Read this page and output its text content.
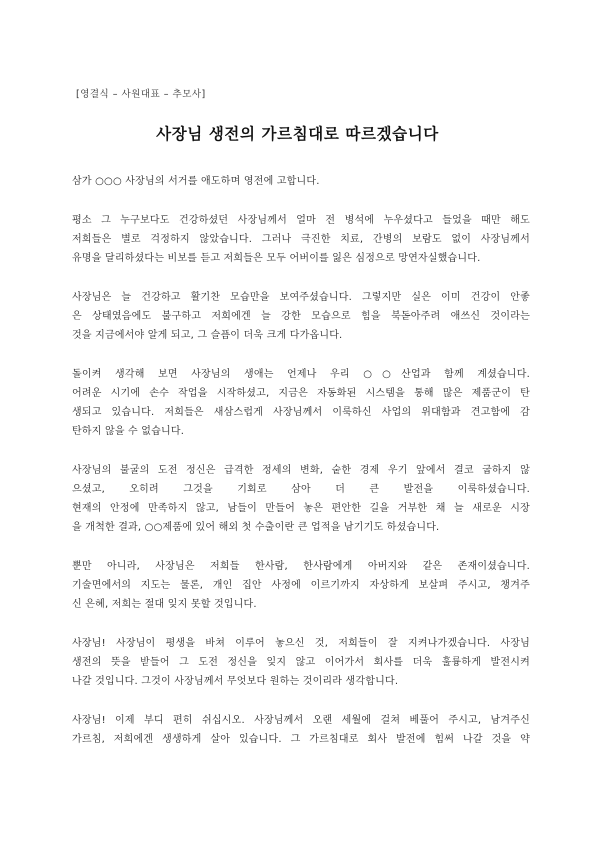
[영결식 – 사원대표 – 추모사]
사장님 생전의 가르침대로 따르겠습니다
삼가 ○○○ 사장님의 서거를 애도하며 영전에 고합니다.
평소 그 누구보다도 건강하셨던 사장님께서 얼마 전 병석에 누우셨다고 들었을 때만 해도
저희들은 별로 걱정하지 않았습니다. 그러나 극진한 치료, 간병의 보람도 없이 사장님께서
유명을 달리하셨다는 비보를 듣고 저희들은 모두 어버이를 잃은 심정으로 망연자실했습니다.
사장님은 늘 건강하고 활기찬 모습만을 보여주셨습니다. 그렇지만 실은 이미 건강이 안좋
은 상태였음에도 불구하고 저희에겐 늘 강한 모습으로 힘을 북돋아주려 애쓰신 것이라는
것을 지금에서야 알게 되고, 그 슬픔이 더욱 크게 다가옵니다.
돌이켜 생각해 보면 사장님의 생애는 언제나 우리 ○○산업과 함께 계셨습니다.
어려운 시기에 손수 작업을 시작하셨고, 지금은 자동화된 시스템을 통해 많은 제품군이 탄
생되고 있습니다. 저희들은 새삼스럽게 사장님께서 이룩하신 사업의 위대함과 견고함에 감
탄하지 않을 수 없습니다.
사장님의 불굴의 도전 정신은 급격한 정세의 변화, 숱한 경제 우기 앞에서 결코 굽하지 않
으셨고, 오히려 그것을 기회로 삼아 더 큰 발전을 이룩하셨습니다.
현재의 안정에 만족하지 않고, 남들이 만들어 놓은 편안한 길을 거부한 채 늘 새로운 시장
을 개척한 결과, ○○제품에 있어 해외 첫 수출이란 큰 업적을 남기기도 하셨습니다.
뿐만 아니라, 사장님은 저희들 한사람, 한사람에게 아버지와 같은 존재이셨습니다.
기술면에서의 지도는 물론, 개인 집안 사정에 이르기까지 자상하게 보살펴 주시고, 챙겨주
신 은혜, 저희는 절대 잊지 못할 것입니다.
사장님! 사장님이 평생을 바쳐 이루어 놓으신 것, 저희들이 잘 지켜나가겠습니다. 사장님
생전의 뜻을 받들어 그 도전 정신을 잊지 않고 이어가서 회사를 더욱 훌륭하게 발전시켜
나갈 것입니다. 그것이 사장님께서 무엇보다 원하는 것이리라 생각합니다.
사장님! 이제 부디 편히 쉬십시오. 사장님께서 오랜 세월에 걸쳐 베풀어 주시고, 남겨주신
가르침, 저희에겐 생생하게 살아 있습니다. 그 가르침대로 회사 발전에 힘써 나갈 것을 약
